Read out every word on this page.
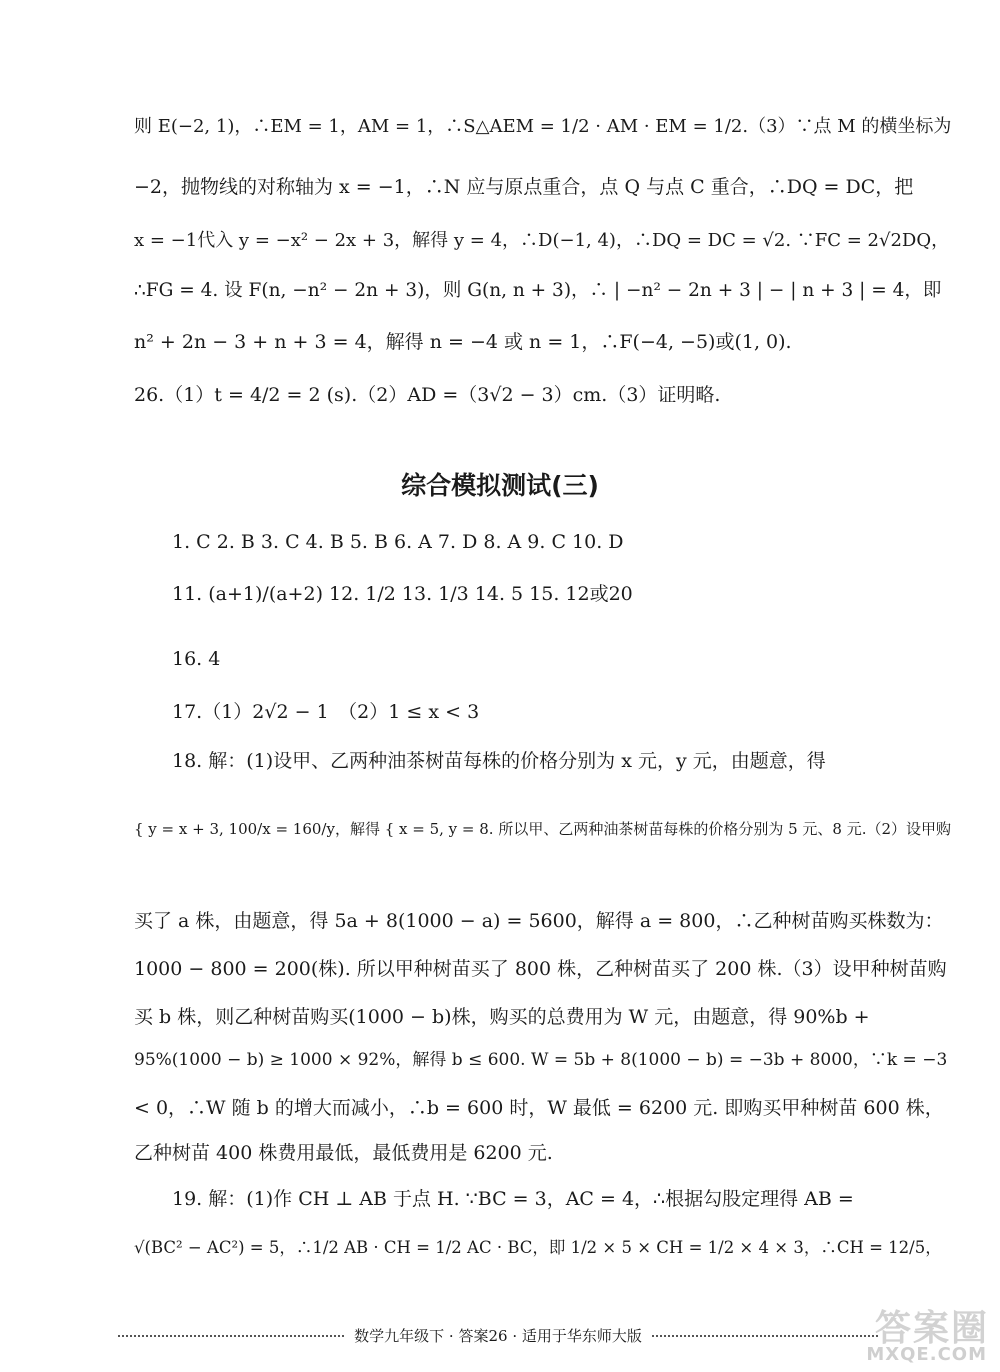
则 E(−2, 1)，∴EM = 1，AM = 1，∴S△AEM = 1/2 · AM · EM = 1/2.（3）∵点 M 的横坐标为
−2，抛物线的对称轴为 x = −1，∴N 应与原点重合，点 Q 与点 C 重合，∴DQ = DC，把
x = −1代入 y = −x² − 2x + 3，解得 y = 4，∴D(−1, 4)，∴DQ = DC = √2. ∵FC = 2√2DQ，
∴FG = 4. 设 F(n, −n² − 2n + 3)，则 G(n, n + 3)，∴ | −n² − 2n + 3 | − | n + 3 | = 4，即
n² + 2n − 3 + n + 3 = 4，解得 n = −4 或 n = 1，∴F(−4, −5)或(1, 0).
26.（1）t = 4/2 = 2 (s).（2）AD =（3√2 − 3）cm.（3）证明略.
综合模拟测试(三)
1. C 2. B 3. C 4. B 5. B 6. A 7. D 8. A 9. C 10. D
11. (a+1)/(a+2) 12. 1/2 13. 1/3 14. 5 15. 12或20
16. 4
17.（1）2√2 − 1　（2）1 ≤ x < 3
18. 解：(1)设甲、乙两种油茶树苗每株的价格分别为 x 元，y 元，由题意，得
{ y = x + 3, 100/x = 160/y，解得 { x = 5, y = 8. 所以甲、乙两种油茶树苗每株的价格分别为 5 元、8 元.（2）设甲购
买了 a 株，由题意，得 5a + 8(1000 − a) = 5600，解得 a = 800，∴乙种树苗购买株数为：
1000 − 800 = 200(株). 所以甲种树苗买了 800 株，乙种树苗买了 200 株.（3）设甲种树苗购
买 b 株，则乙种树苗购买(1000 − b)株，购买的总费用为 W 元，由题意，得 90%b +
95%(1000 − b) ≥ 1000 × 92%，解得 b ≤ 600. W = 5b + 8(1000 − b) = −3b + 8000，∵k = −3
< 0，∴W 随 b 的增大而减小，∴b = 600 时，W 最低 = 6200 元. 即购买甲种树苗 600 株，
乙种树苗 400 株费用最低，最低费用是 6200 元.
19. 解：(1)作 CH ⊥ AB 于点 H. ∵BC = 3，AC = 4，∴根据勾股定理得 AB =
√(BC² − AC²) = 5，∴1/2 AB · CH = 1/2 AC · BC，即 1/2 × 5 × CH = 1/2 × 4 × 3，∴CH = 12/5，
数学九年级下 · 答案26 · 适用于华东师大版	答案圈
MXQE.COM
